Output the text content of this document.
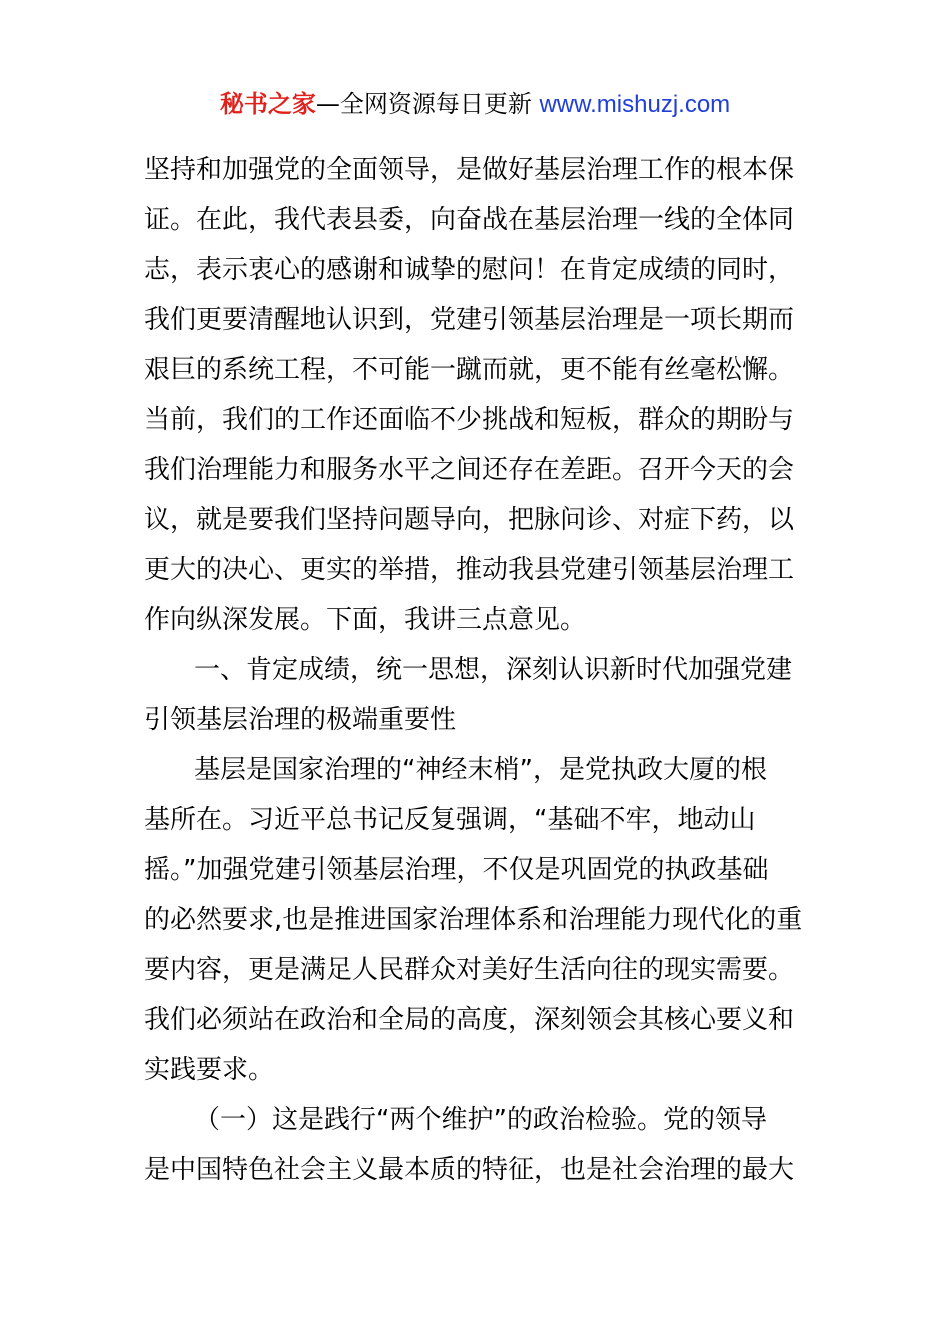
秘书之家—全网资源每日更新 www.mishuzj.com
坚持和加强党的全面领导，是做好基层治理工作的根本保
证。在此，我代表县委，向奋战在基层治理一线的全体同
志，表示衷心的感谢和诚挚的慰问！在肯定成绩的同时，
我们更要清醒地认识到，党建引领基层治理是一项长期而
艰巨的系统工程，不可能一蹴而就，更不能有丝毫松懈。
当前，我们的工作还面临不少挑战和短板，群众的期盼与
我们治理能力和服务水平之间还存在差距。召开今天的会
议，就是要我们坚持问题导向，把脉问诊、对症下药，以
更大的决心、更实的举措，推动我县党建引领基层治理工
作向纵深发展。下面，我讲三点意见。
一、肯定成绩，统一思想，深刻认识新时代加强党建
引领基层治理的极端重要性
基层是国家治理的“神经末梢”，是党执政大厦的根
基所在。习近平总书记反复强调，“基础不牢，地动山
摇。”加强党建引领基层治理，不仅是巩固党的执政基础
的必然要求,也是推进国家治理体系和治理能力现代化的重
要内容，更是满足人民群众对美好生活向往的现实需要。
我们必须站在政治和全局的高度，深刻领会其核心要义和
实践要求。
（一）这是践行“两个维护”的政治检验。党的领导
是中国特色社会主义最本质的特征，也是社会治理的最大
